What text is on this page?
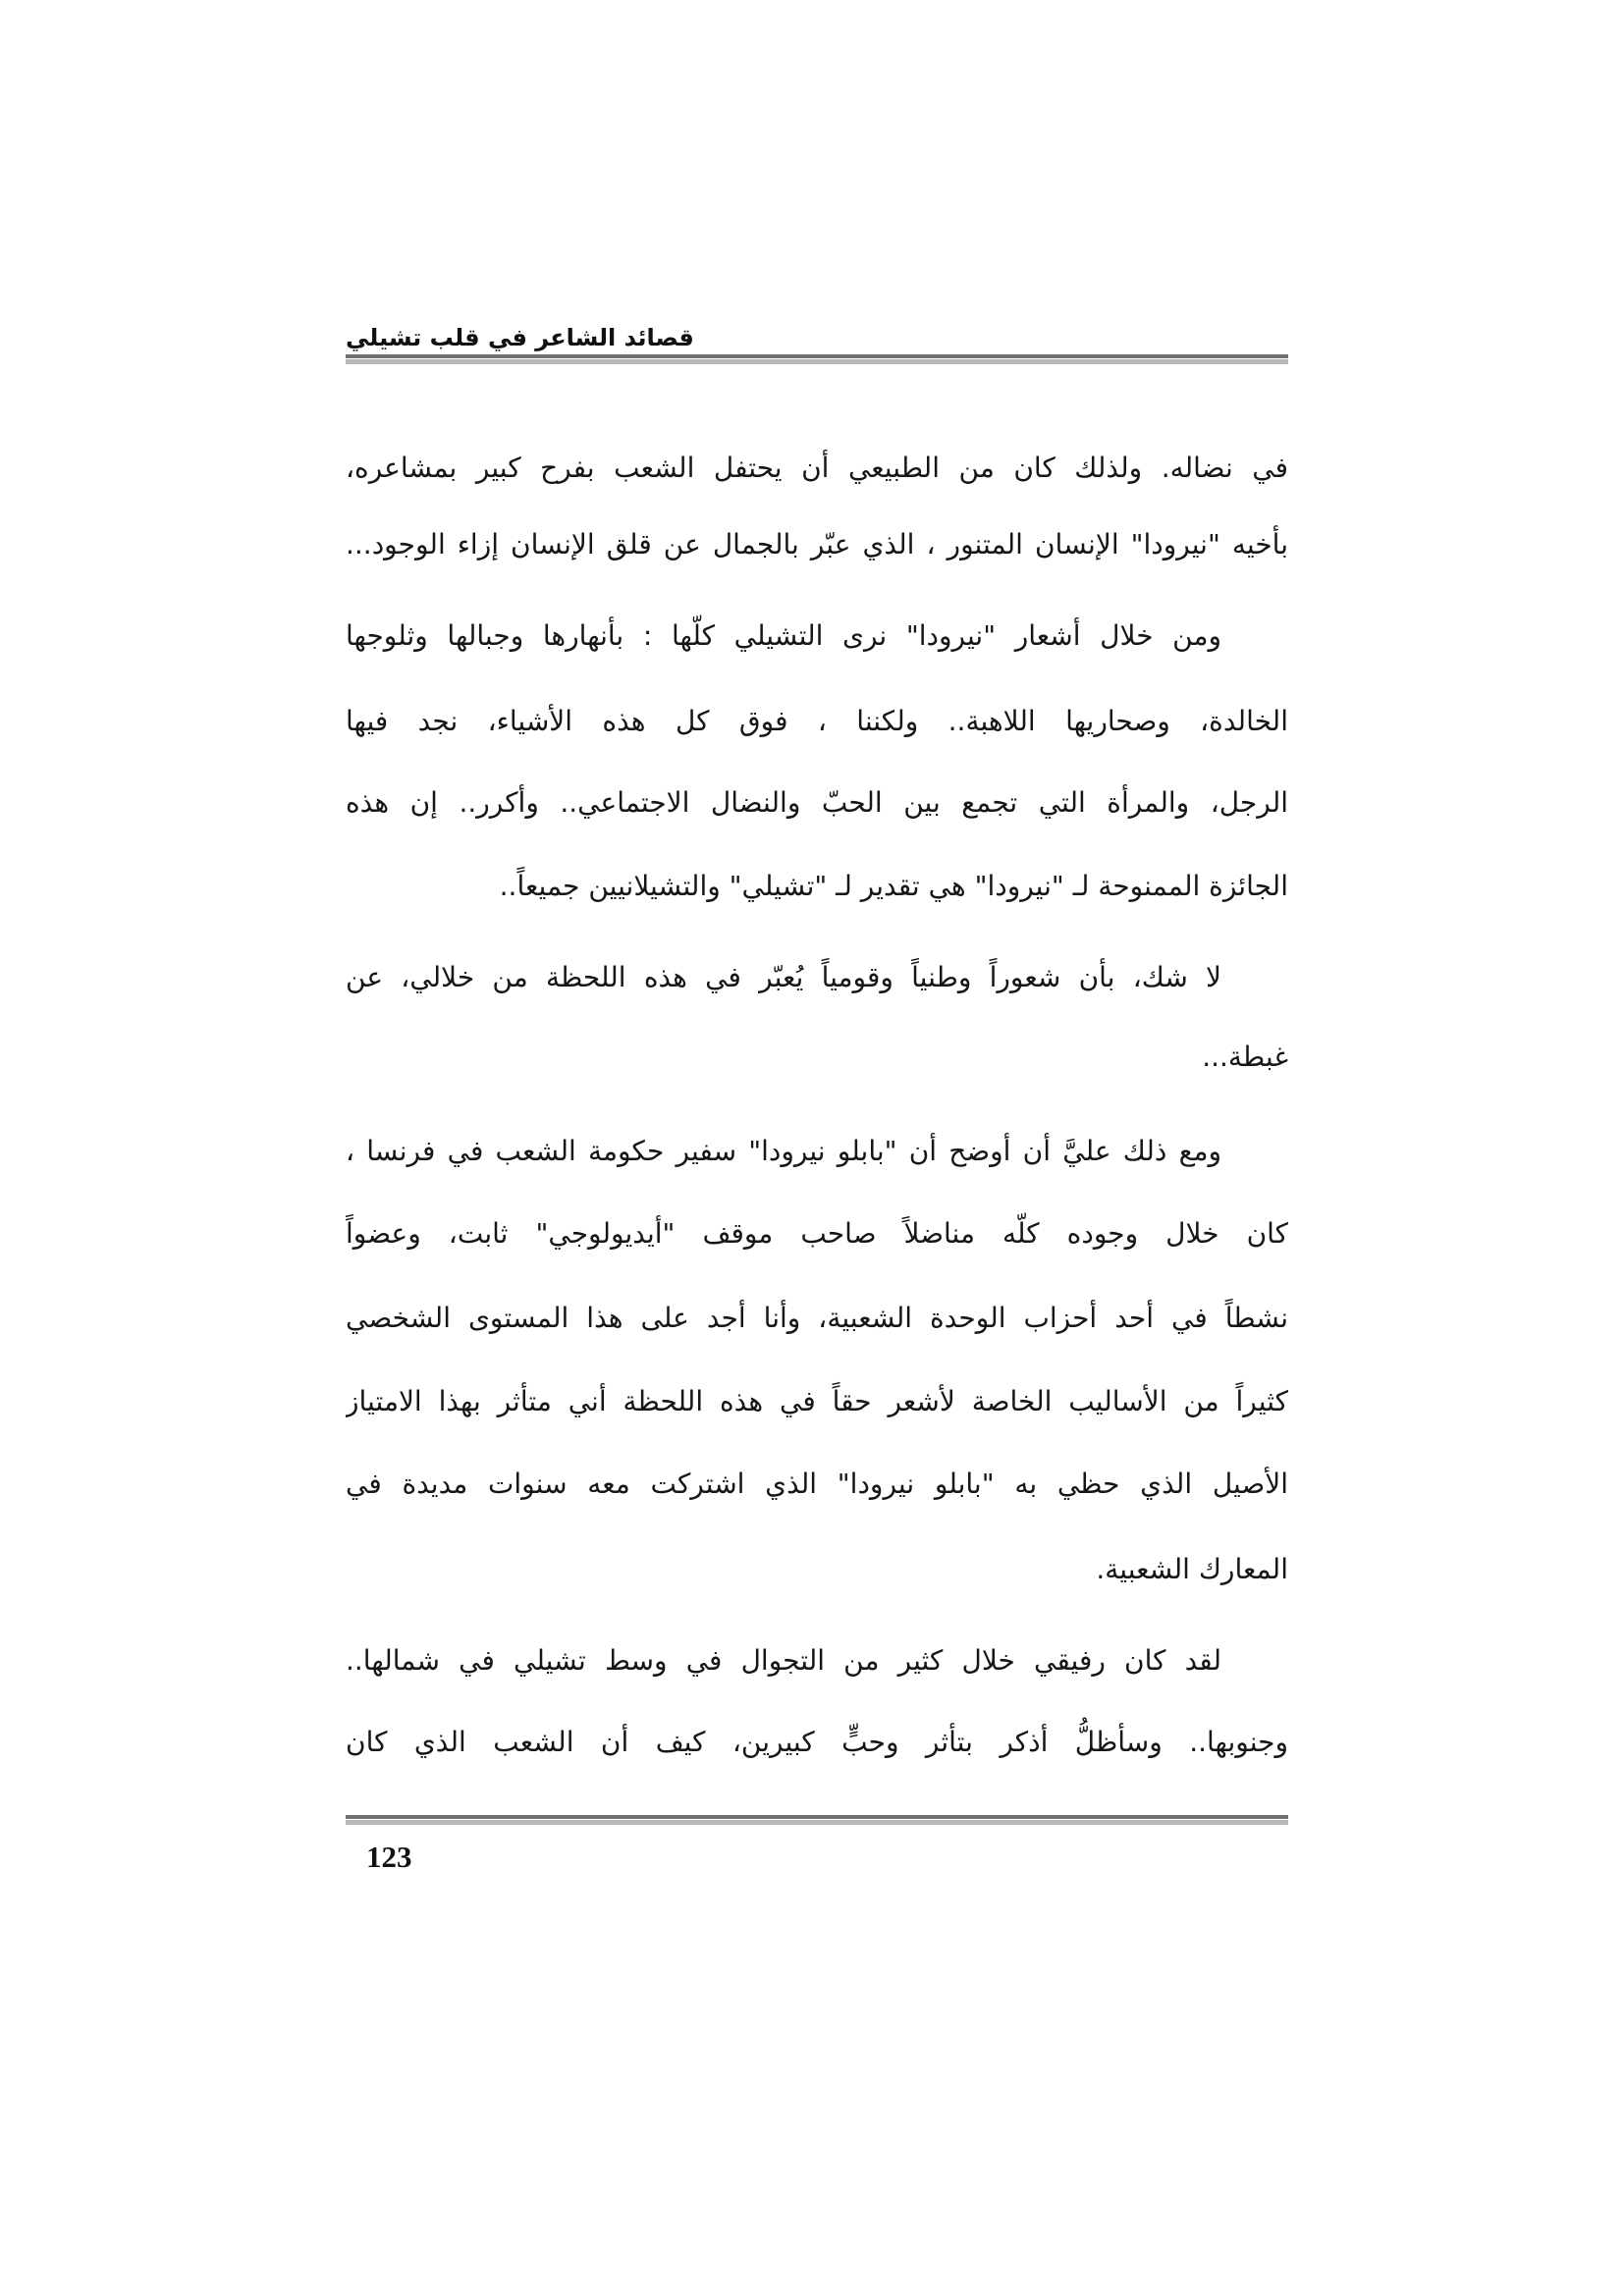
قصائد الشاعر في قلب تشيلي
في نضاله. ولذلك كان من الطبيعي أن يحتفل الشعب بفرح كبير بمشاعره،
بأخيه "نيرودا" الإنسان المتنور ، الذي عبّر بالجمال عن قلق الإنسان إزاء الوجود...
ومن خلال أشعار "نيرودا" نرى التشيلي كلّها : بأنهارها وجبالها وثلوجها
الخالدة، وصحاريها اللاهبة.. ولكننا ، فوق كل هذه الأشياء، نجد فيها
الرجل، والمرأة التي تجمع بين الحبّ والنضال الاجتماعي.. وأكرر.. إن هذه
الجائزة الممنوحة لـ "نيرودا" هي تقدير لـ "تشيلي" والتشيلانيين جميعاً..
لا شك، بأن شعوراً وطنياً وقومياً يُعبّر في هذه اللحظة من خلالي، عن
غبطة...
ومع ذلك عليَّ أن أوضح أن "بابلو نيرودا" سفير حكومة الشعب في فرنسا ،
كان خلال وجوده كلّه مناضلاً صاحب موقف "أيديولوجي" ثابت، وعضواً
نشطاً في أحد أحزاب الوحدة الشعبية، وأنا أجد على هذا المستوى الشخصي
كثيراً من الأساليب الخاصة لأشعر حقاً في هذه اللحظة أني متأثر بهذا الامتياز
الأصيل الذي حظي به "بابلو نيرودا" الذي اشتركت معه سنوات مديدة في
المعارك الشعبية.
لقد كان رفيقي خلال كثير من التجوال في وسط تشيلي في شمالها..
وجنوبها.. وسأظلُّ أذكر بتأثر وحبٍّ كبيرين، كيف أن الشعب الذي كان
123
